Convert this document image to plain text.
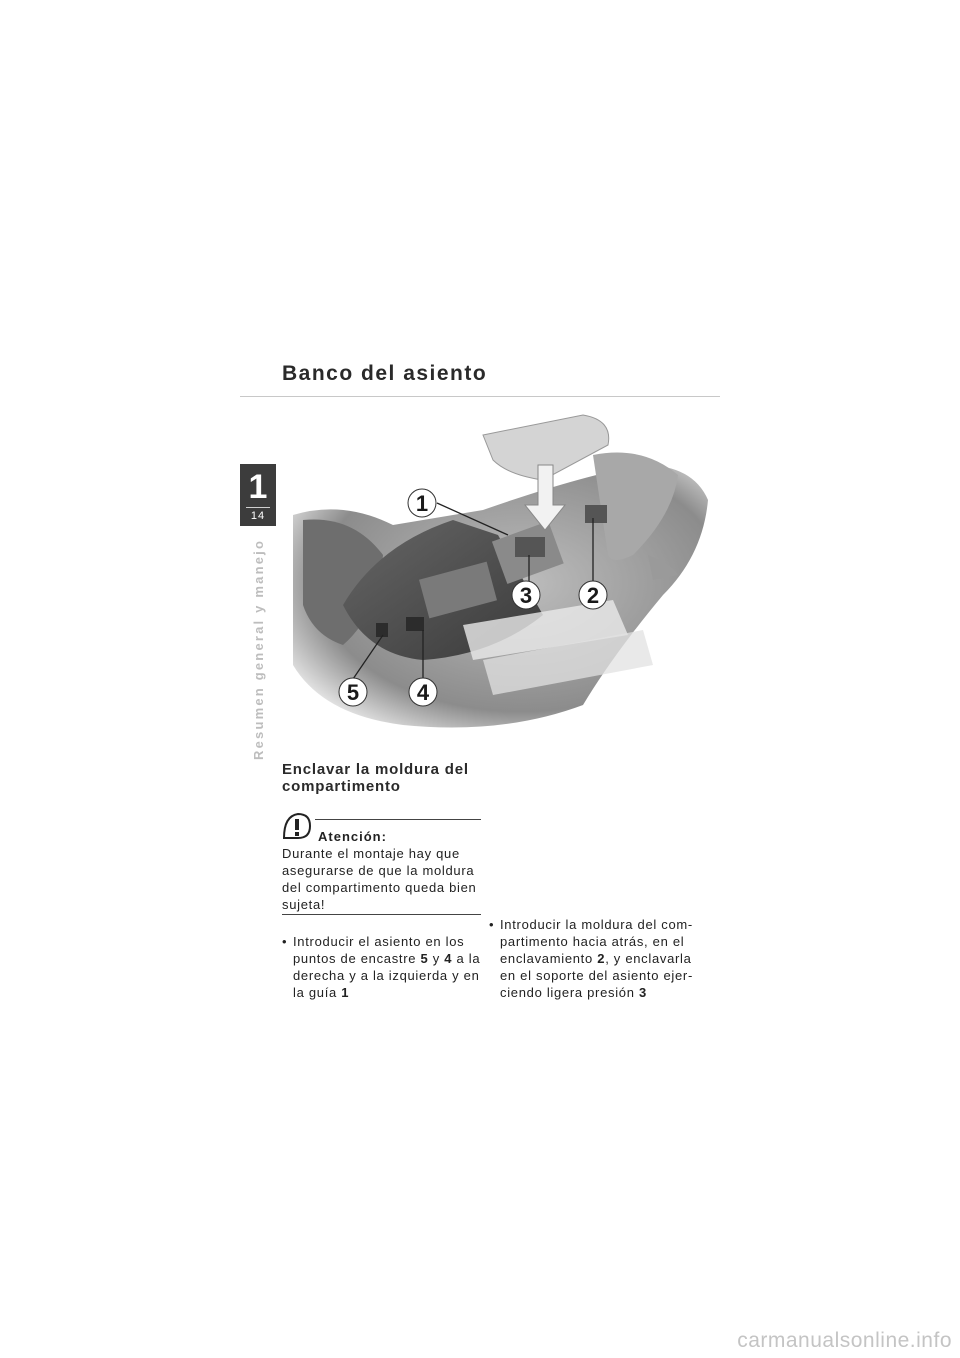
Banco del asiento
1
14
Resumen general y manejo
1
2
3
4
5
Enclavar la moldura del compartimento
Atención:
Durante el montaje hay que
asegurarse de que la moldura
del compartimento queda bien
sujeta!
• Introducir el asiento en los
puntos de encastre 5 y 4 a la
derecha y a la izquierda y en
la guía 1
• Introducir la moldura del com-
partimento hacia atrás, en el
enclavamiento 2, y enclavarla
en el soporte del asiento ejer-
ciendo ligera presión 3
carmanualsonline.info
